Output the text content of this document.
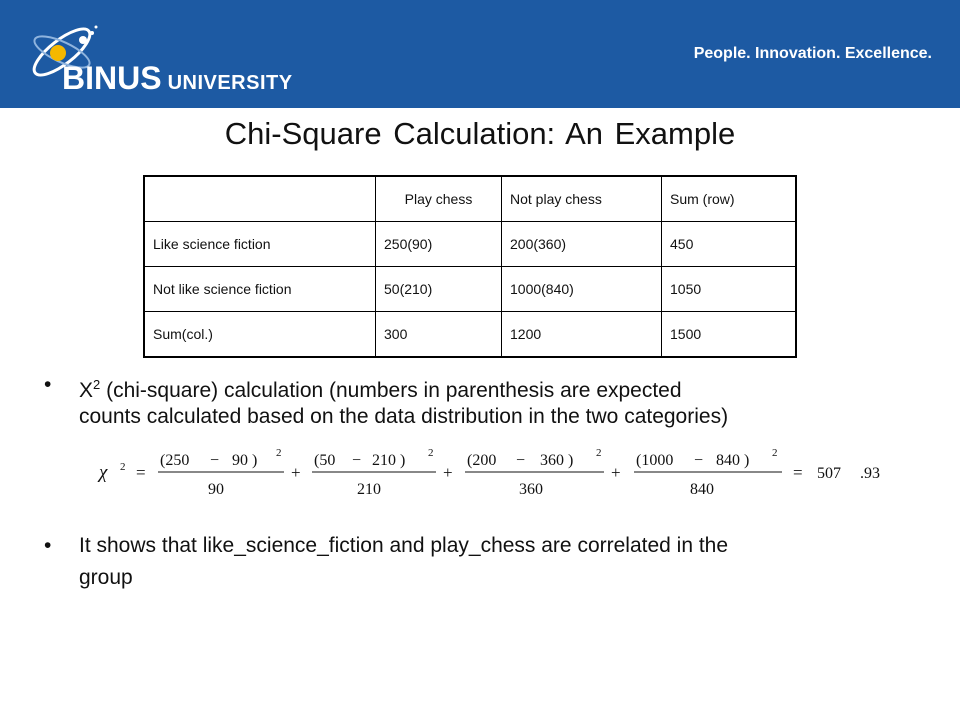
BINUS UNIVERSITY
People. Innovation. Excellence.
Chi-Square Calculation: An Example
	Play chess	Not play chess	Sum (row)
Like science fiction	250(90)	200(360)	450
Not like science fiction	50(210)	1000(840)	1050
Sum(col.)	300	1200	1500
• $X^2$ (chi-square) calculation (numbers in parenthesis are expected
counts calculated based on the data distribution in the two categories)
χ 2 =
(250 − 90 ) 2
90
+
(50 − 210 ) 2
210
+
(200 − 360 ) 2
360
+
(1000 − 840 ) 2
840
= 507 .93
• It shows that like_science_fiction and play_chess are correlated in the
group
